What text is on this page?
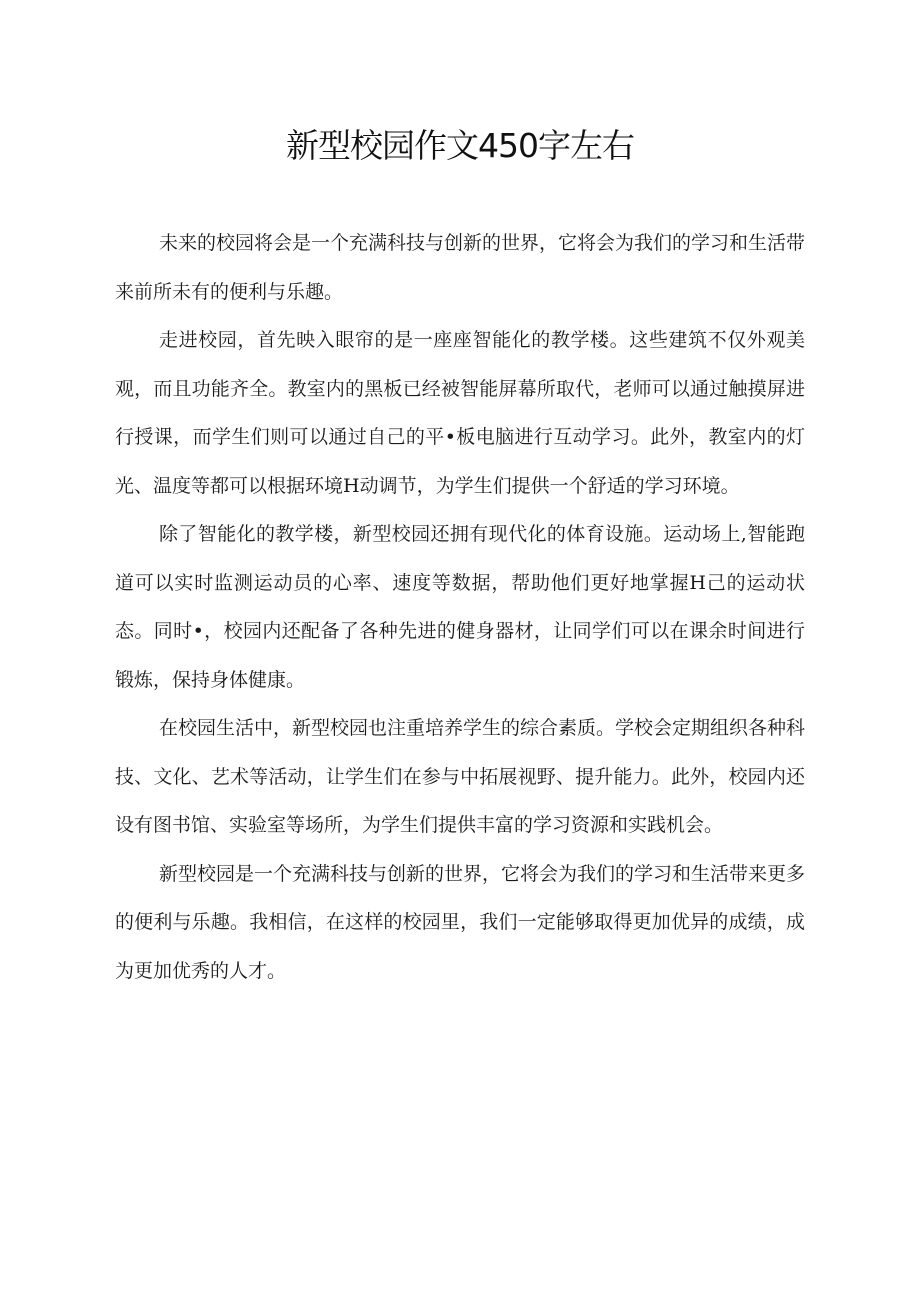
新型校园作文450字左右

未来的校园将会是一个充满科技与创新的世界，它将会为我们的学习和生活带来前所未有的便利与乐趣。

走进校园，首先映入眼帘的是一座座智能化的教学楼。这些建筑不仅外观美观，而且功能齐全。教室内的黑板已经被智能屏幕所取代，老师可以通过触摸屏进行授课，而学生们则可以通过自己的平•板电脑进行互动学习。此外，教室内的灯光、温度等都可以根据环境H动调节，为学生们提供一个舒适的学习环境。

除了智能化的教学楼，新型校园还拥有现代化的体育设施。运动场上,智能跑道可以实时监测运动员的心率、速度等数据，帮助他们更好地掌握H己的运动状态。同时•，校园内还配备了各种先进的健身器材，让同学们可以在课余时间进行锻炼，保持身体健康。

在校园生活中，新型校园也注重培养学生的综合素质。学校会定期组织各种科技、文化、艺术等活动，让学生们在参与中拓展视野、提升能力。此外，校园内还设有图书馆、实验室等场所，为学生们提供丰富的学习资源和实践机会。

新型校园是一个充满科技与创新的世界，它将会为我们的学习和生活带来更多的便利与乐趣。我相信，在这样的校园里，我们一定能够取得更加优异的成绩，成为更加优秀的人才。
